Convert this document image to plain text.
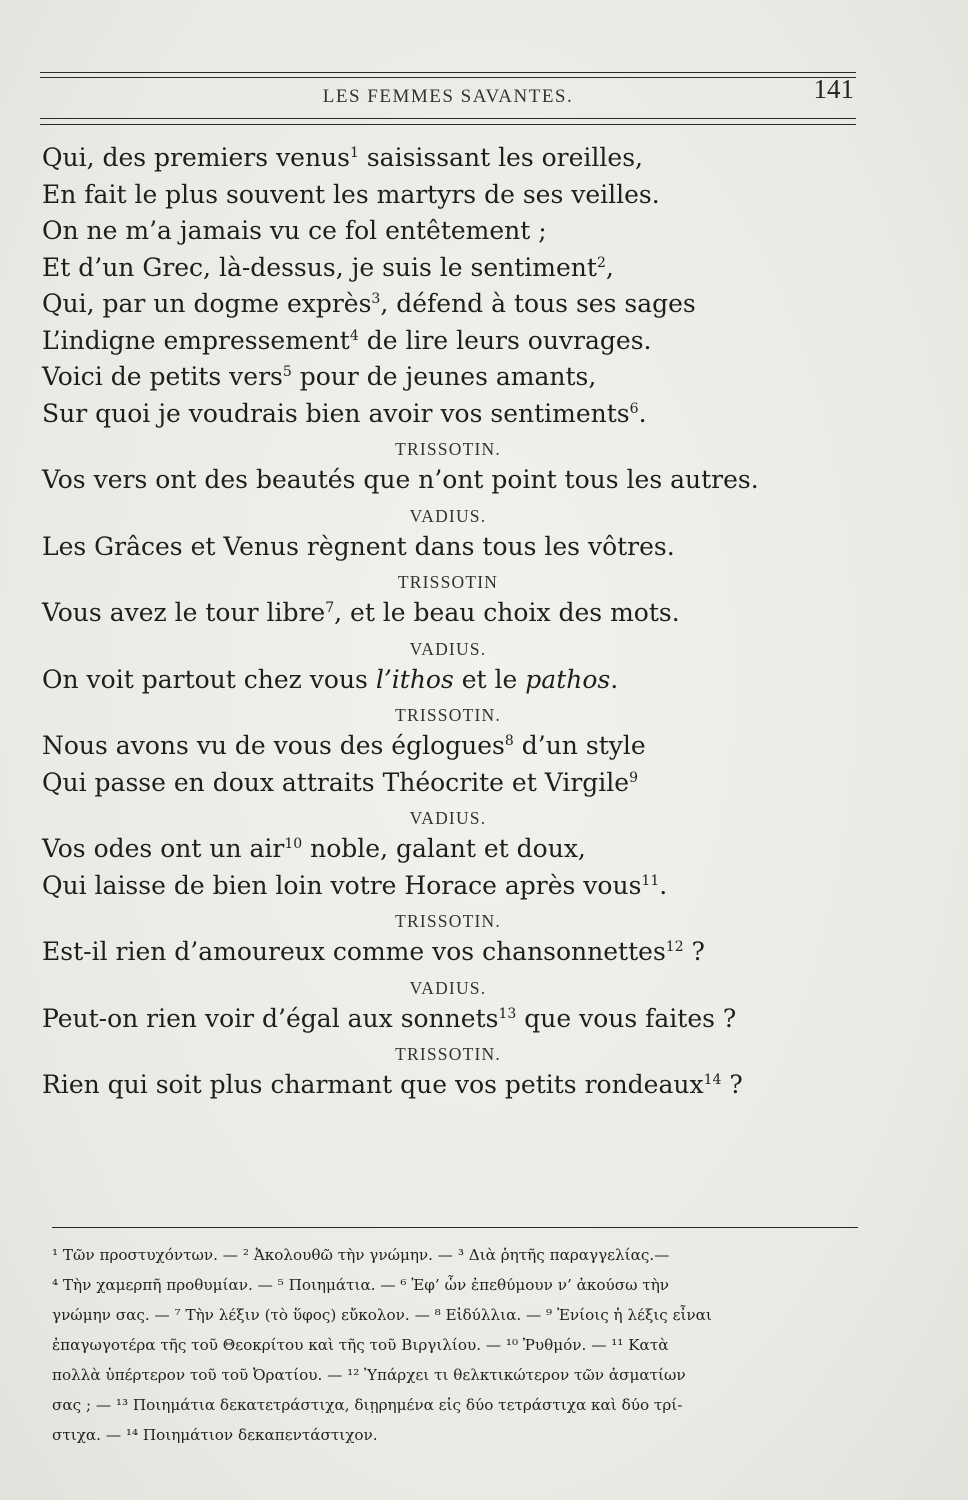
LES FEMMES SAVANTES.	141
Qui, des premiers venus$^1$ saisissant les oreilles,
En fait le plus souvent les martyrs de ses veilles.
On ne m’a jamais vu ce fol entêtement ;
Et d’un Grec, là-dessus, je suis le sentiment$^2$,
Qui, par un dogme exprès$^3$, défend à tous ses sages
L’indigne empressement$^4$ de lire leurs ouvrages.
Voici de petits vers$^5$ pour de jeunes amants,
Sur quoi je voudrais bien avoir vos sentiments$^6$.
TRISSOTIN.
Vos vers ont des beautés que n’ont point tous les autres.
VADIUS.
Les Grâces et Venus règnent dans tous les vôtres.
TRISSOTIN
Vous avez le tour libre$^7$, et le beau choix des mots.
VADIUS.
On voit partout chez vous l’ithos et le pathos.
TRISSOTIN.
Nous avons vu de vous des églogues$^8$ d’un style
Qui passe en doux attraits Théocrite et Virgile$^9$
VADIUS.
Vos odes ont un air$^{10}$ noble, galant et doux,
Qui laisse de bien loin votre Horace après vous$^{11}$.
TRISSOTIN.
Est-il rien d’amoureux comme vos chansonnettes$^{12}$ ?
VADIUS.
Peut-on rien voir d’égal aux sonnets$^{13}$ que vous faites ?
TRISSOTIN.
Rien qui soit plus charmant que vos petits rondeaux$^{14}$ ?
¹ Τῶν προστυχόντων. — ² Ἀκολουθῶ τὴν γνώμην. — ³ Διὰ ῥητῆς παραγγελίας.—
⁴ Τὴν χαμερπῆ προθυμίαν. — ⁵ Ποιημάτια. — ⁶ Ἐφ’ ὧν ἐπεθύμουν ν’ ἀκούσω τὴν
γνώμην σας. — ⁷ Τὴν λέξιν (τὸ ὕφος) εὔκολον. — ⁸ Εἰδύλλια. — ⁹ Ἐνίοις ἡ λέξις εἶναι
ἐπαγωγοτέρα τῆς τοῦ Θεοκρίτου καὶ τῆς τοῦ Βιργιλίου. — ¹⁰ Ῥυθμόν. — ¹¹ Κατὰ
πολλὰ ὑπέρτερον τοῦ τοῦ Ὀρατίου. — ¹² Ὑπάρχει τι θελκτικώτερον τῶν ἀσματίων
σας ; — ¹³ Ποιημάτια δεκατετράστιχα, διῃρημένα εἰς δύο τετράστιχα καὶ δύο τρί-
στιχα. — ¹⁴ Ποιημάτιον δεκαπεντάστιχον.
